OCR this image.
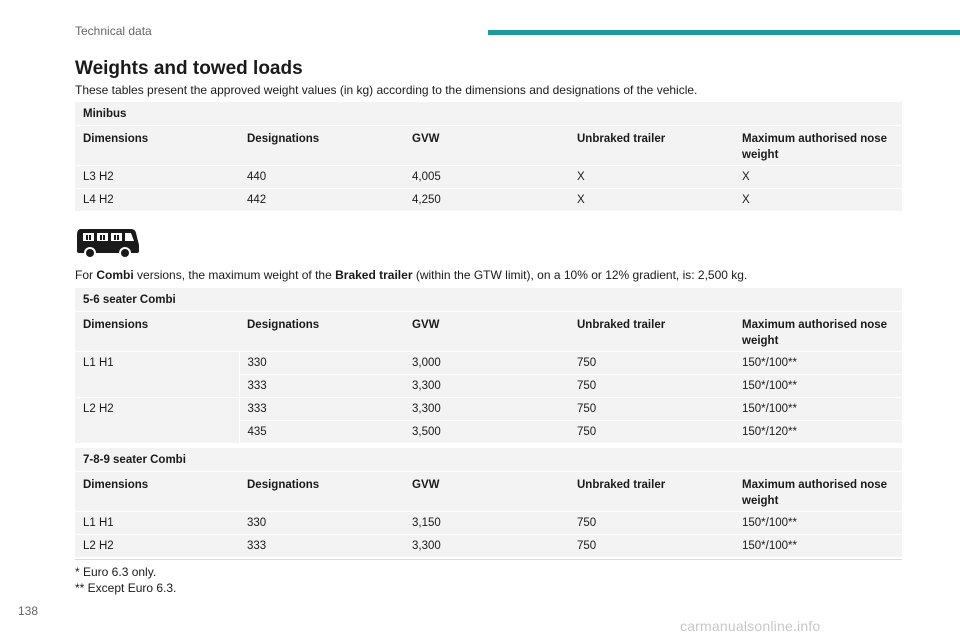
Technical data
Weights and towed loads
These tables present the approved weight values (in kg) according to the dimensions and designations of the vehicle.
Minibus				
Dimensions	Designations	GVW	Unbraked trailer	Maximum authorised nose weight
L3 H2	440	4,005	X	X
L4 H2	442	4,250	X	X
For Combi versions, the maximum weight of the Braked trailer (within the GTW limit), on a 10% or 12% gradient, is: 2,500 kg.
5-6 seater Combi				
Dimensions	Designations	GVW	Unbraked trailer	Maximum authorised nose weight
L1 H1	330	3,000	750	150*/100**
	333	3,300	750	150*/100**
L2 H2	333	3,300	750	150*/100**
	435	3,500	750	150*/120**
7-8-9 seater Combi				
Dimensions	Designations	GVW	Unbraked trailer	Maximum authorised nose weight
L1 H1	330	3,150	750	150*/100**
L2 H2	333	3,300	750	150*/100**
* Euro 6.3 only.
** Except Euro 6.3.
138
carmanualsonline.info
